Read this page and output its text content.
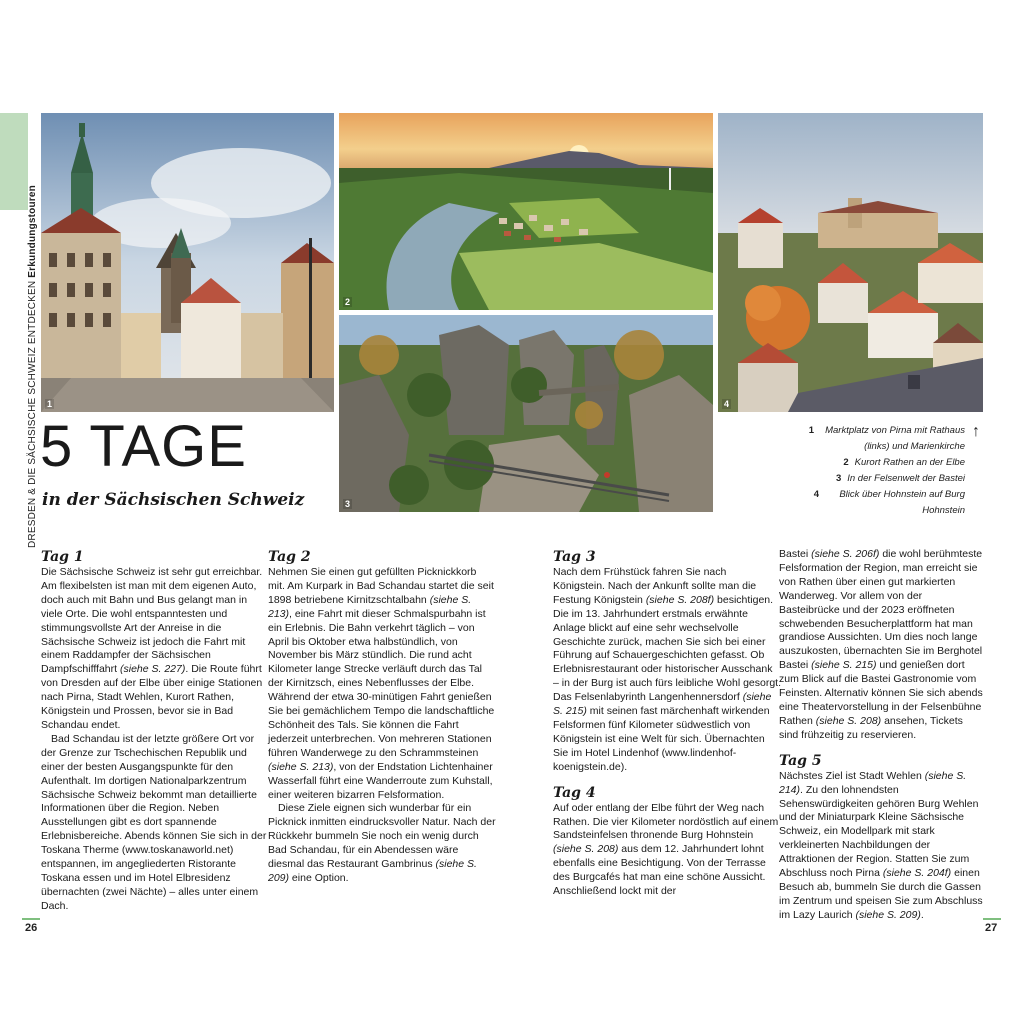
DRESDEN & DIE SÄCHSISCHE SCHWEIZ ENTDECKEN Erkundungstouren
1
2
3
4
5 TAGE
in der Sächsischen Schweiz
1	Marktplatz von Pirna mit Rathaus (links) und Marienkirche
2 Kurort Rathen an der Elbe
3 In der Felsenwelt der Bastei
4	Blick über Hohnstein auf Burg Hohnstein
↑
Tag 1

Die Sächsische Schweiz ist sehr gut erreichbar. Am flexibelsten ist man mit dem eigenen Auto, doch auch mit Bahn und Bus gelangt man in viele Orte. Die wohl entspanntesten und stimmungsvollste Art der Anreise in die Sächsische Schweiz ist jedoch die Fahrt mit einem Raddampfer der Sächsischen Dampfschifffahrt (siehe S. 227). Die Route führt von Dresden auf der Elbe über einige Stationen nach Pirna, Stadt Wehlen, Kurort Rathen, Königstein und Prossen, bevor sie in Bad Schandau endet.

Bad Schandau ist der letzte größere Ort vor der Grenze zur Tschechischen Republik und einer der besten Ausgangspunkte für den Aufenthalt. Im dortigen Nationalparkzentrum Sächsische Schweiz bekommt man detaillierte Informationen über die Region. Neben Ausstellungen gibt es dort spannende Erlebnisbereiche. Abends können Sie sich in der Toskana Therme (www.toskanaworld.net) entspannen, im angegliederten Ristorante Toskana essen und im Hotel Elbresidenz übernachten (zwei Nächte) – alles unter einem Dach.

Tag 2

Nehmen Sie einen gut gefüllten Picknickkorb mit. Am Kurpark in Bad Schandau startet die seit 1898 betriebene Kirnitzschtalbahn (siehe S. 213), eine Fahrt mit dieser Schmalspurbahn ist ein Erlebnis. Die Bahn verkehrt täglich – von April bis Oktober etwa halbstündlich, von November bis März stündlich. Die rund acht Kilometer lange Strecke verläuft durch das Tal der Kirnitzsch, eines Nebenflusses der Elbe. Während der etwa 30-minütigen Fahrt genießen Sie bei gemächlichem Tempo die landschaftliche Schönheit des Tals. Sie können die Fahrt jederzeit unterbrechen. Von mehreren Stationen führen Wanderwege zu den Schrammsteinen (siehe S. 213), von der Endstation Lichtenhainer Wasserfall führt eine Wanderroute zum Kuhstall, einer weiteren bizarren Felsformation.

Diese Ziele eignen sich wunderbar für ein Picknick inmitten eindrucksvoller Natur. Nach der Rückkehr bummeln Sie noch ein wenig durch Bad Schandau, für ein Abendessen wäre diesmal das Restaurant Gambrinus (siehe S. 209) eine Option.

Tag 3

Nach dem Frühstück fahren Sie nach Königstein. Nach der Ankunft sollte man die Festung Königstein (siehe S. 208f) besichtigen. Die im 13. Jahrhundert erstmals erwähnte Anlage blickt auf eine sehr wechselvolle Geschichte zurück, machen Sie sich bei einer Führung auf Schauergeschichten gefasst. Ob Erlebnisrestaurant oder historischer Ausschank – in der Burg ist auch fürs leibliche Wohl gesorgt. Das Felsenlabyrinth Langenhennersdorf (siehe S. 215) mit seinen fast märchenhaft wirkenden Felsformen fünf Kilometer südwestlich von Königstein ist eine Welt für sich. Übernachten Sie im Hotel Lindenhof (www.lindenhof-koenigstein.de).

Tag 4

Auf oder entlang der Elbe führt der Weg nach Rathen. Die vier Kilometer nordöstlich auf einem Sandsteinfelsen thronende Burg Hohnstein (siehe S. 208) aus dem 12. Jahrhundert lohnt ebenfalls eine Besichtigung. Von der Terrasse des Burgcafés hat man eine schöne Aussicht. Anschließend lockt mit der

Bastei (siehe S. 206f) die wohl berühmteste Felsformation der Region, man erreicht sie von Rathen über einen gut markierten Wanderweg. Vor allem von der Basteibrücke und der 2023 eröffneten schwebenden Besucherplattform hat man grandiose Aussichten. Um dies noch lange auszukosten, übernachten Sie im Berghotel Bastei (siehe S. 215) und genießen dort zum Blick auf die Bastei Gastronomie vom Feinsten. Alternativ können Sie sich abends eine Theatervorstellung in der Felsenbühne Rathen (siehe S. 208) ansehen, Tickets sind frühzeitig zu reservieren.

Tag 5

Nächstes Ziel ist Stadt Wehlen (siehe S. 214). Zu den lohnendsten Sehenswürdigkeiten gehören Burg Wehlen und der Miniaturpark Kleine Sächsische Schweiz, ein Modellpark mit stark verkleinerten Nachbildungen der Attraktionen der Region. Statten Sie zum Abschluss noch Pirna (siehe S. 204f) einen Besuch ab, bummeln Sie durch die Gassen im Zentrum und speisen Sie zum Abschluss im Lazy Laurich (siehe S. 209).

26	27
